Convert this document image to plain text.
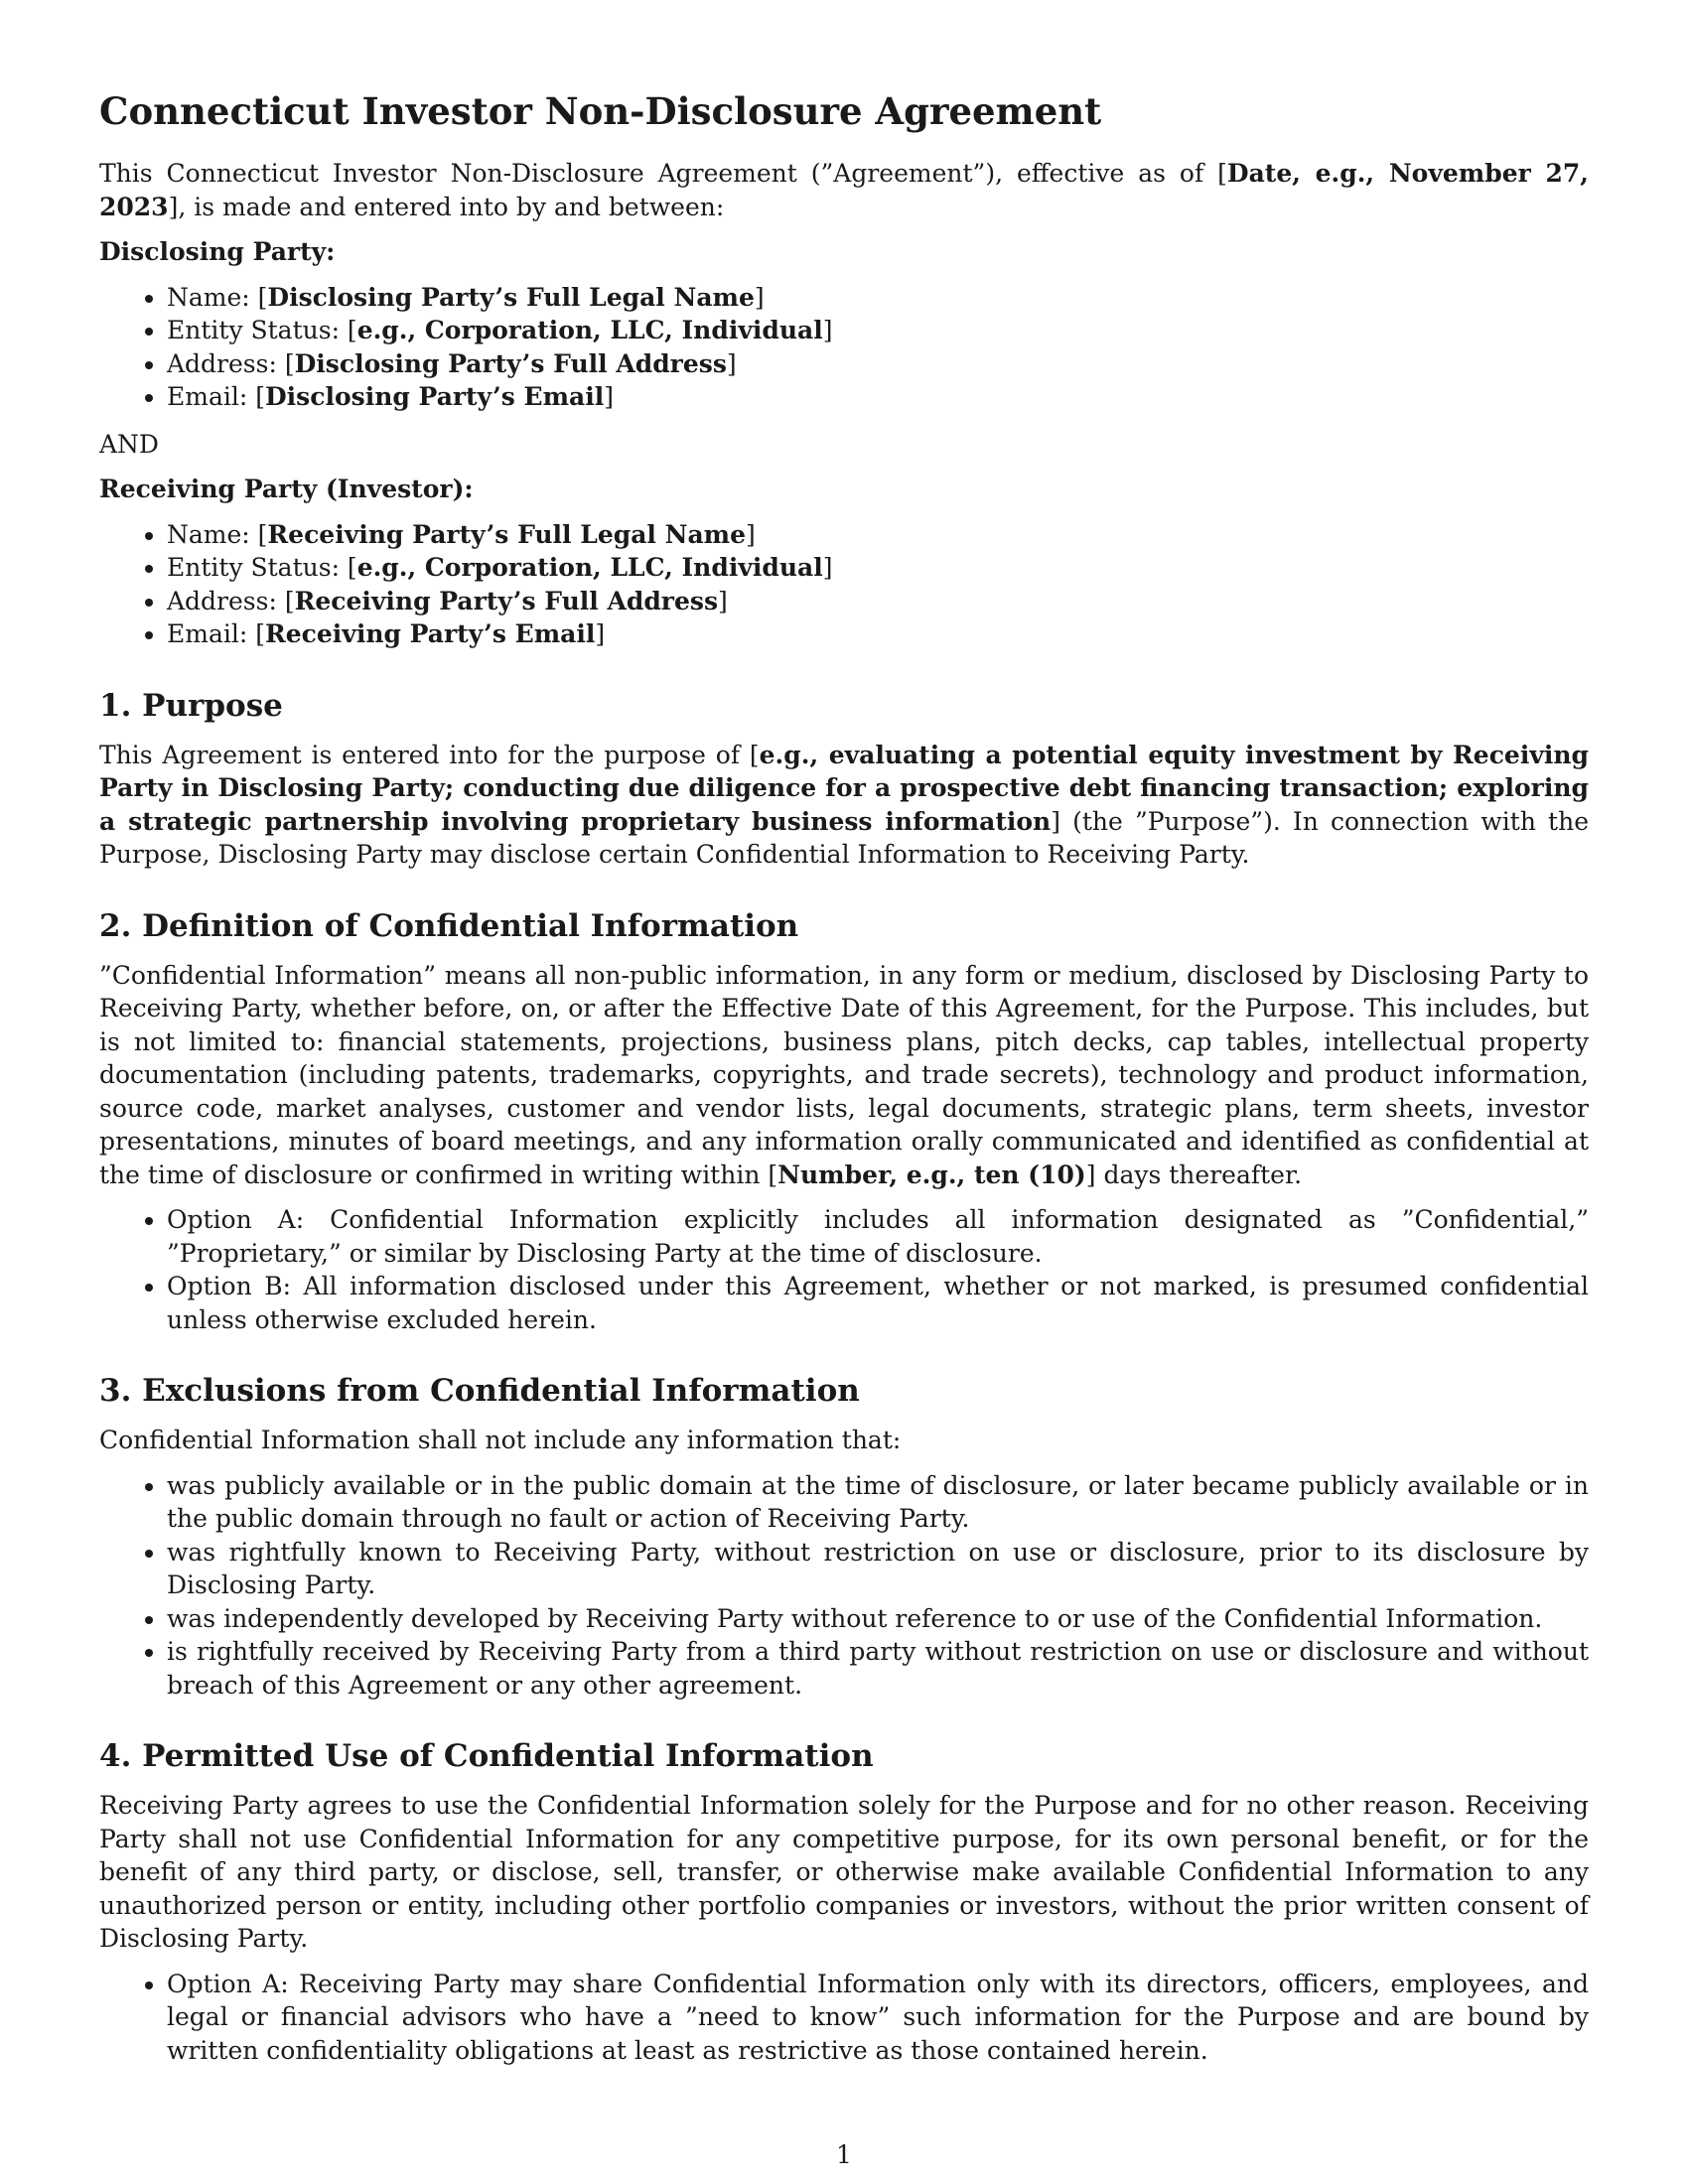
Connecticut Investor Non-Disclosure Agreement

This Connecticut Investor Non-Disclosure Agreement (”Agreement”), effective as of [Date, e.g., November 27, 2023], is made and entered into by and between:

Disclosing Party:
• Name: [Disclosing Party’s Full Legal Name]
• Entity Status: [e.g., Corporation, LLC, Individual]
• Address: [Disclosing Party’s Full Address]
• Email: [Disclosing Party’s Email]
AND
Receiving Party (Investor):
• Name: [Receiving Party’s Full Legal Name]
• Entity Status: [e.g., Corporation, LLC, Individual]
• Address: [Receiving Party’s Full Address]
• Email: [Receiving Party’s Email]
1. Purpose

This Agreement is entered into for the purpose of [e.g., evaluating a potential equity investment by Receiving Party in Disclosing Party; conducting due diligence for a prospective debt financing transaction; exploring a strategic partnership involving proprietary business information] (the ”Purpose”). In connection with the Purpose, Disclosing Party may disclose certain Confidential Information to Receiving Party.

2. Definition of Confidential Information

”Confidential Information” means all non-public information, in any form or medium, disclosed by Disclosing Party to Receiving Party, whether before, on, or after the Effective Date of this Agreement, for the Purpose. This includes, but is not limited to: financial statements, projections, business plans, pitch decks, cap tables, intellectual property documentation (including patents, trademarks, copyrights, and trade secrets), technology and product information, source code, market analyses, customer and vendor lists, legal documents, strategic plans, term sheets, investor presentations, minutes of board meetings, and any information orally communicated and identified as confidential at the time of disclosure or confirmed in writing within [Number, e.g., ten (10)] days thereafter.

• Option A: Confidential Information explicitly includes all information designated as ”Confidential,” ”Proprietary,” or similar by Disclosing Party at the time of disclosure.
• Option B: All information disclosed under this Agreement, whether or not marked, is presumed confidential unless otherwise excluded herein.
3. Exclusions from Confidential Information

Confidential Information shall not include any information that:

• was publicly available or in the public domain at the time of disclosure, or later became publicly available or in the public domain through no fault or action of Receiving Party.
• was rightfully known to Receiving Party, without restriction on use or disclosure, prior to its disclosure by Disclosing Party.
• was independently developed by Receiving Party without reference to or use of the Confidential Information.
• is rightfully received by Receiving Party from a third party without restriction on use or disclosure and without breach of this Agreement or any other agreement.
4. Permitted Use of Confidential Information

Receiving Party agrees to use the Confidential Information solely for the Purpose and for no other reason. Receiving Party shall not use Confidential Information for any competitive purpose, for its own personal benefit, or for the benefit of any third party, or disclose, sell, transfer, or otherwise make available Confidential Information to any unauthorized person or entity, including other portfolio companies or investors, without the prior written consent of Disclosing Party.

• Option A: Receiving Party may share Confidential Information only with its directors, officers, employees, and legal or financial advisors who have a ”need to know” such information for the Purpose and are bound by written confidentiality obligations at least as restrictive as those contained herein.
1
